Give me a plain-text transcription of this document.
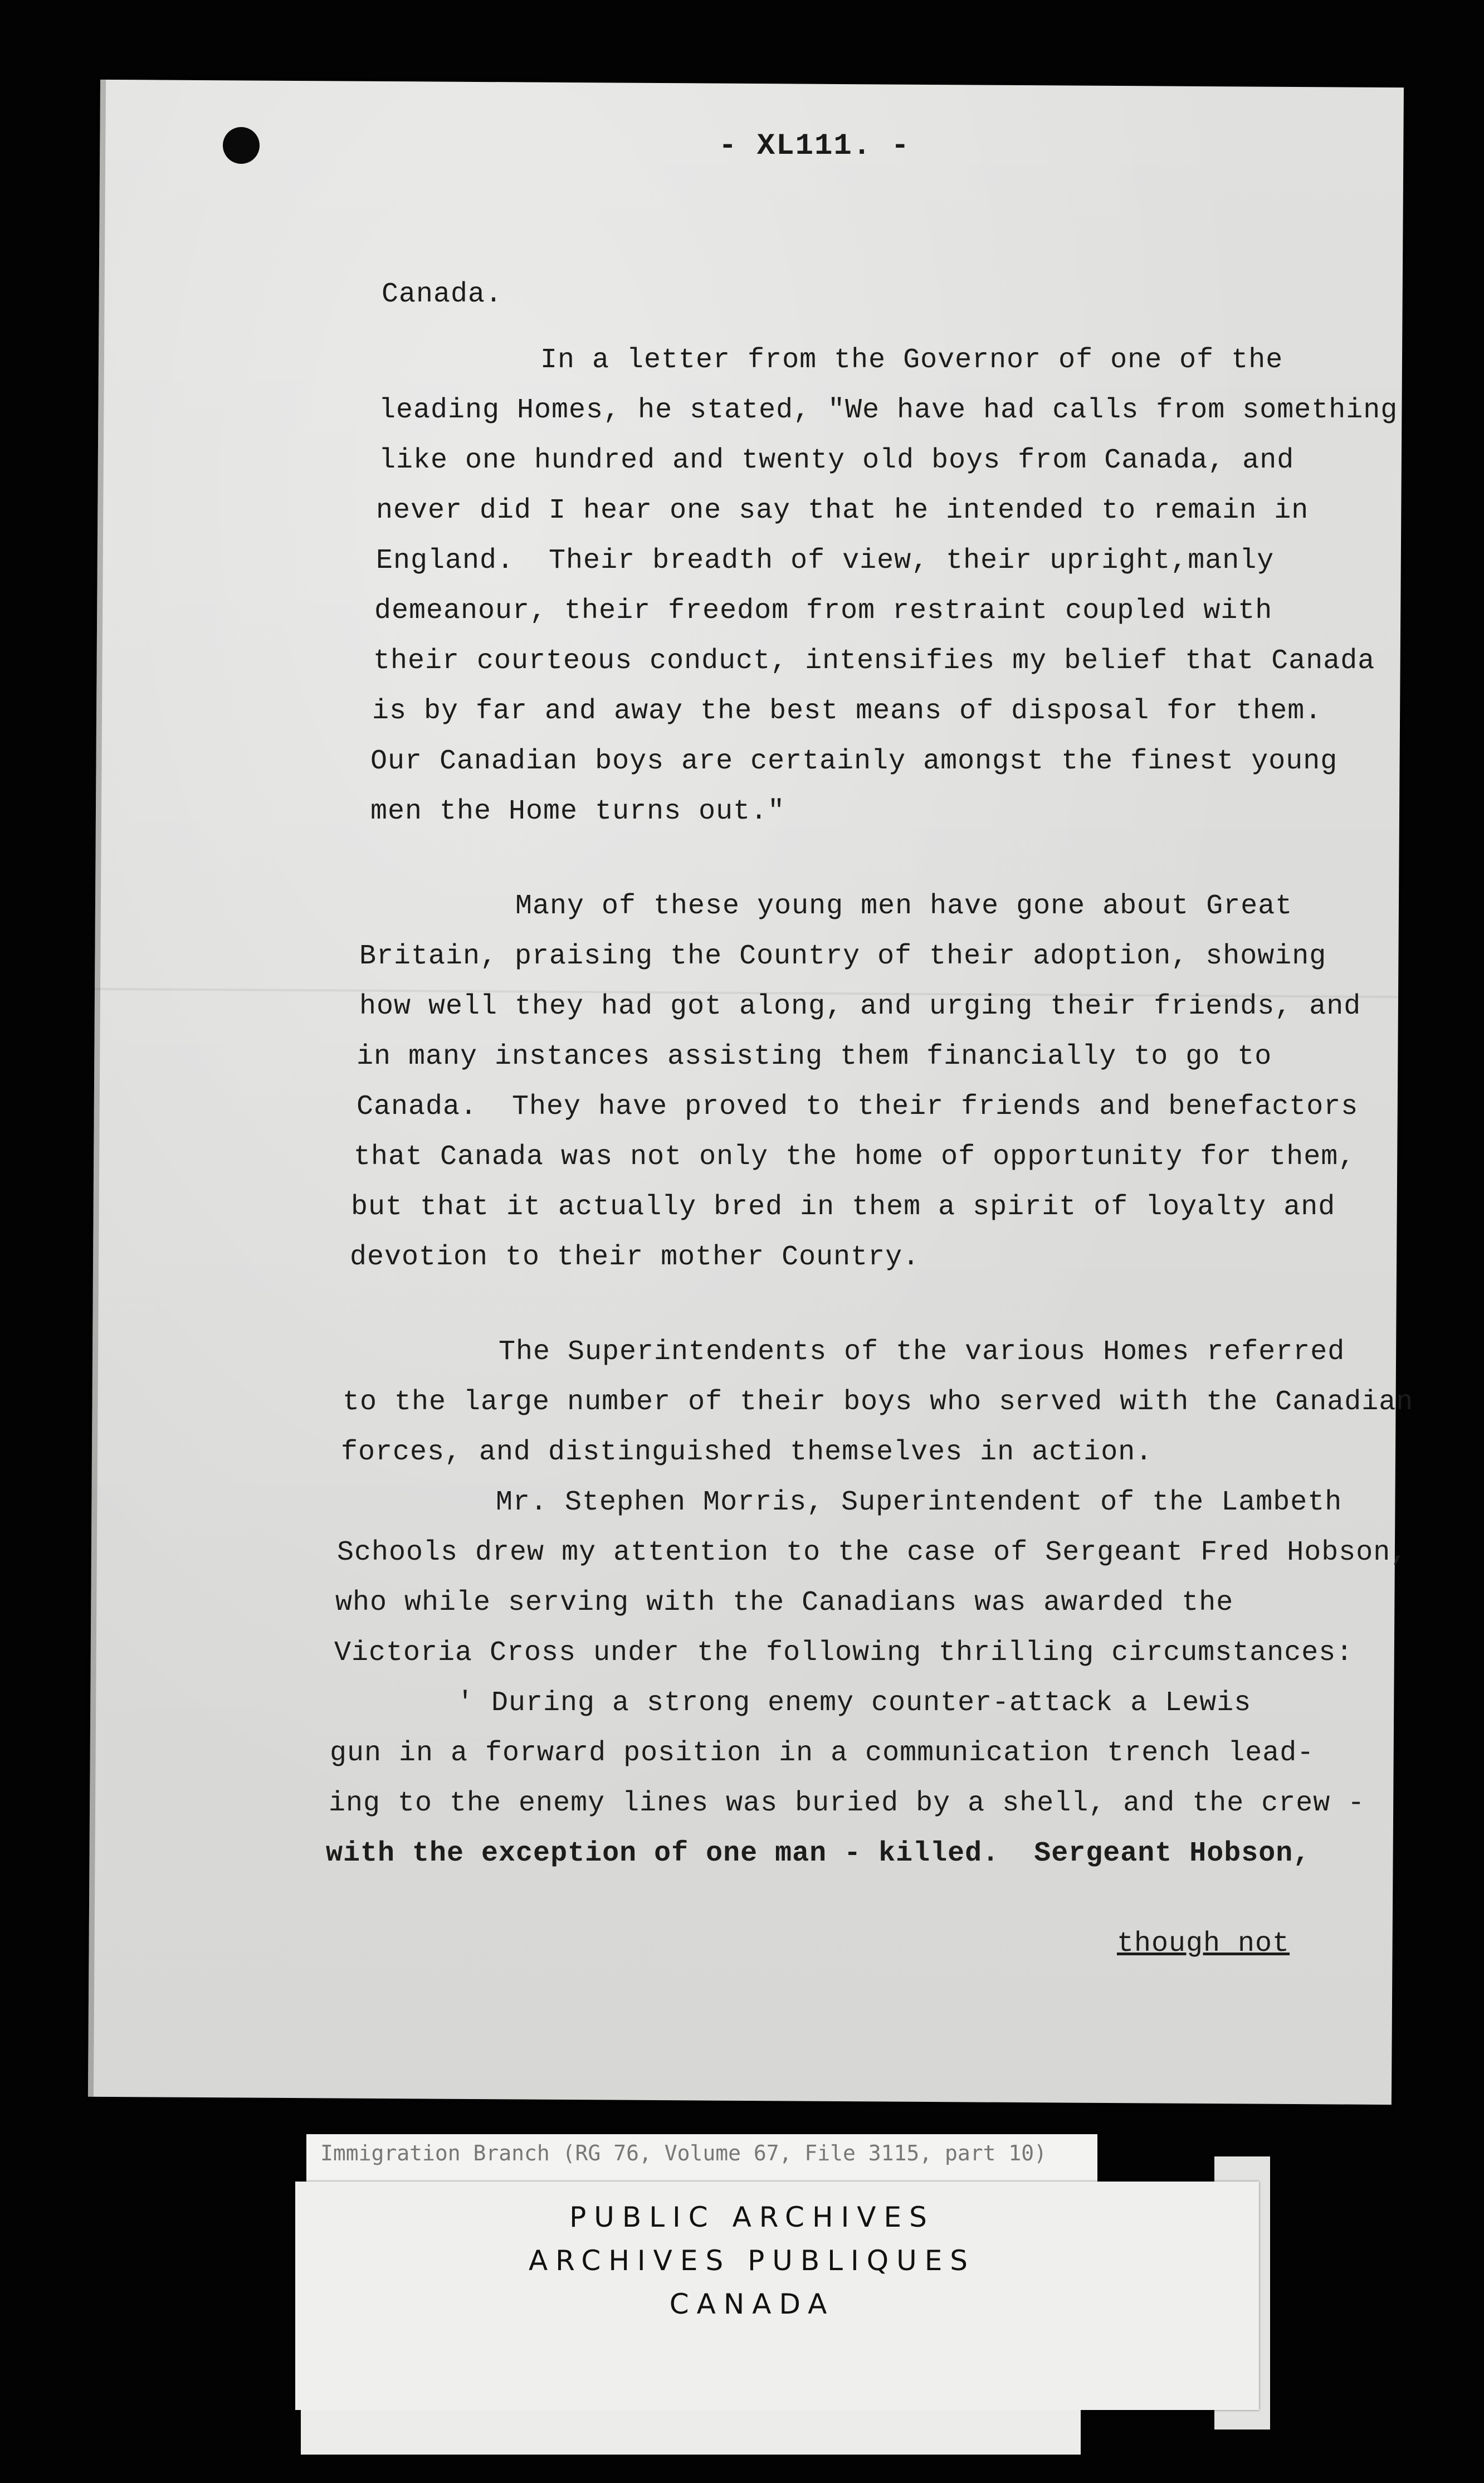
- XL111. -
Canada.
In a letter from the Governor of one of the
leading Homes, he stated, "We have had calls from something
like one hundred and twenty old boys from Canada, and
never did I hear one say that he intended to remain in
England.  Their breadth of view, their upright,manly
demeanour, their freedom from restraint coupled with
their courteous conduct, intensifies my belief that Canada
is by far and away the best means of disposal for them.
Our Canadian boys are certainly amongst the finest young
men the Home turns out."
Many of these young men have gone about Great
Britain, praising the Country of their adoption, showing
how well they had got along, and urging their friends, and
in many instances assisting them financially to go to
Canada.  They have proved to their friends and benefactors
that Canada was not only the home of opportunity for them,
but that it actually bred in them a spirit of loyalty and
devotion to their mother Country.
The Superintendents of the various Homes referred
to the large number of their boys who served with the Canadian
forces, and distinguished themselves in action.
Mr. Stephen Morris, Superintendent of the Lambeth
Schools drew my attention to the case of Sergeant Fred Hobson,
who while serving with the Canadians was awarded the
Victoria Cross under the following thrilling circumstances:
' During a strong enemy counter-attack a Lewis
gun in a forward position in a communication trench lead-
ing to the enemy lines was buried by a shell, and the crew -
with the exception of one man - killed.  Sergeant Hobson,
though not
Immigration Branch (RG 76, Volume 67, File 3115, part 10)
PUBLIC ARCHIVES
ARCHIVES PUBLIQUES
CANADA
